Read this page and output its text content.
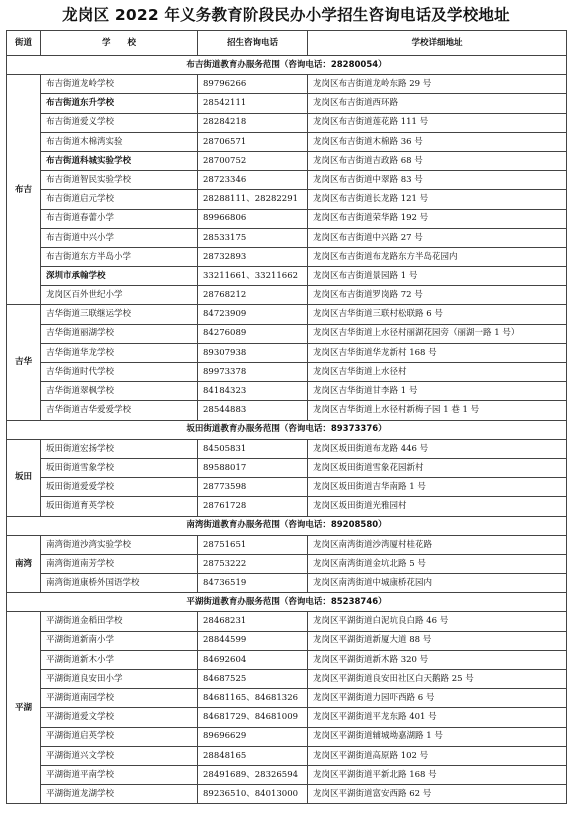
龙岗区 2022 年义务教育阶段民办小学招生咨询电话及学校地址
街道	学　　校	招生咨询电话	学校详细地址
布吉街道教育办服务范围（咨询电话：28280054）			
布吉	布吉街道龙岭学校	89796266	龙岗区布吉街道龙岭东路 29 号
	布吉街道东升学校	28542111	龙岗区布吉街道西环路
	布吉街道爱义学校	28284218	龙岗区布吉街道莲花路 111 号
	布吉街道木棉湾实验	28706571	龙岗区布吉街道木棉路 36 号
	布吉街道科城实验学校	28700752	龙岗区布吉街道吉政路 68 号
	布吉街道智民实验学校	28723346	龙岗区布吉街道中翠路 83 号
	布吉街道启元学校	28288111、28282291	龙岗区布吉街道长龙路 121 号
	布吉街道春蕾小学	89966806	龙岗区布吉街道荣华路 192 号
	布吉街道中兴小学	28533175	龙岗区布吉街道中兴路 27 号
	布吉街道东方半岛小学	28732893	龙岗区布吉街道布龙路东方半岛花园内
	深圳市承翰学校	33211661、33211662	龙岗区布吉街道景园路 1 号
	龙岗区百外世纪小学	28768212	龙岗区布吉街道罗岗路 72 号
吉华	吉华街道三联继运学校	84723909	龙岗区吉华街道三联村松联路 6 号
	吉华街道丽湖学校	84276089	龙岗区吉华街道上水径村丽湖花园旁（丽湖一路 1 号）
	吉华街道华龙学校	89307938	龙岗区吉华街道华龙新村 168 号
	吉华街道时代学校	89973378	龙岗区吉华街道上水径村
	吉华街道翠枫学校	84184323	龙岗区吉华街道甘李路 1 号
	吉华街道吉华爱爱学校	28544883	龙岗区吉华街道上水径村新梅子园 1 巷 1 号
坂田街道教育办服务范围（咨询电话：89373376）			
坂田	坂田街道宏扬学校	84505831	龙岗区坂田街道布龙路 446 号
	坂田街道雪象学校	89588017	龙岗区坂田街道雪象花园新村
	坂田街道爱爱学校	28773598	龙岗区坂田街道吉华南路 1 号
	坂田街道育英学校	28761728	龙岗区坂田街道光雅园村
南湾街道教育办服务范围（咨询电话：89208580）			
南湾	南湾街道沙湾实验学校	28751651	龙岗区南湾街道沙湾厦村桂花路
	南湾街道南芳学校	28753222	龙岗区南湾街道金坑北路 5 号
	南湾街道康桥外国语学校	84736519	龙岗区南湾街道中城康桥花园内
平湖街道教育办服务范围（咨询电话：85238746）			
平湖	平湖街道金稻田学校	28468231	龙岗区平湖街道白泥坑良白路 46 号
	平湖街道新南小学	28844599	龙岗区平湖街道新厦大道 88 号
	平湖街道新木小学	84692604	龙岗区平湖街道新木路 320 号
	平湖街道良安田小学	84687525	龙岗区平湖街道良安田社区白天鹅路 25 号
	平湖街道南园学校	84681165、84681326	龙岗区平湖街道力园吓西路 6 号
	平湖街道爱文学校	84681729、84681009	龙岗区平湖街道平龙东路 401 号
	平湖街道启英学校	89696629	龙岗区平湖街道辅城坳嘉湖路 1 号
	平湖街道兴文学校	28848165	龙岗区平湖街道高原路 102 号
	平湖街道平南学校	28491689、28326594	龙岗区平湖街道平新北路 168 号
	平湖街道龙湖学校	89236510、84013000	龙岗区平湖街道富安西路 62 号
